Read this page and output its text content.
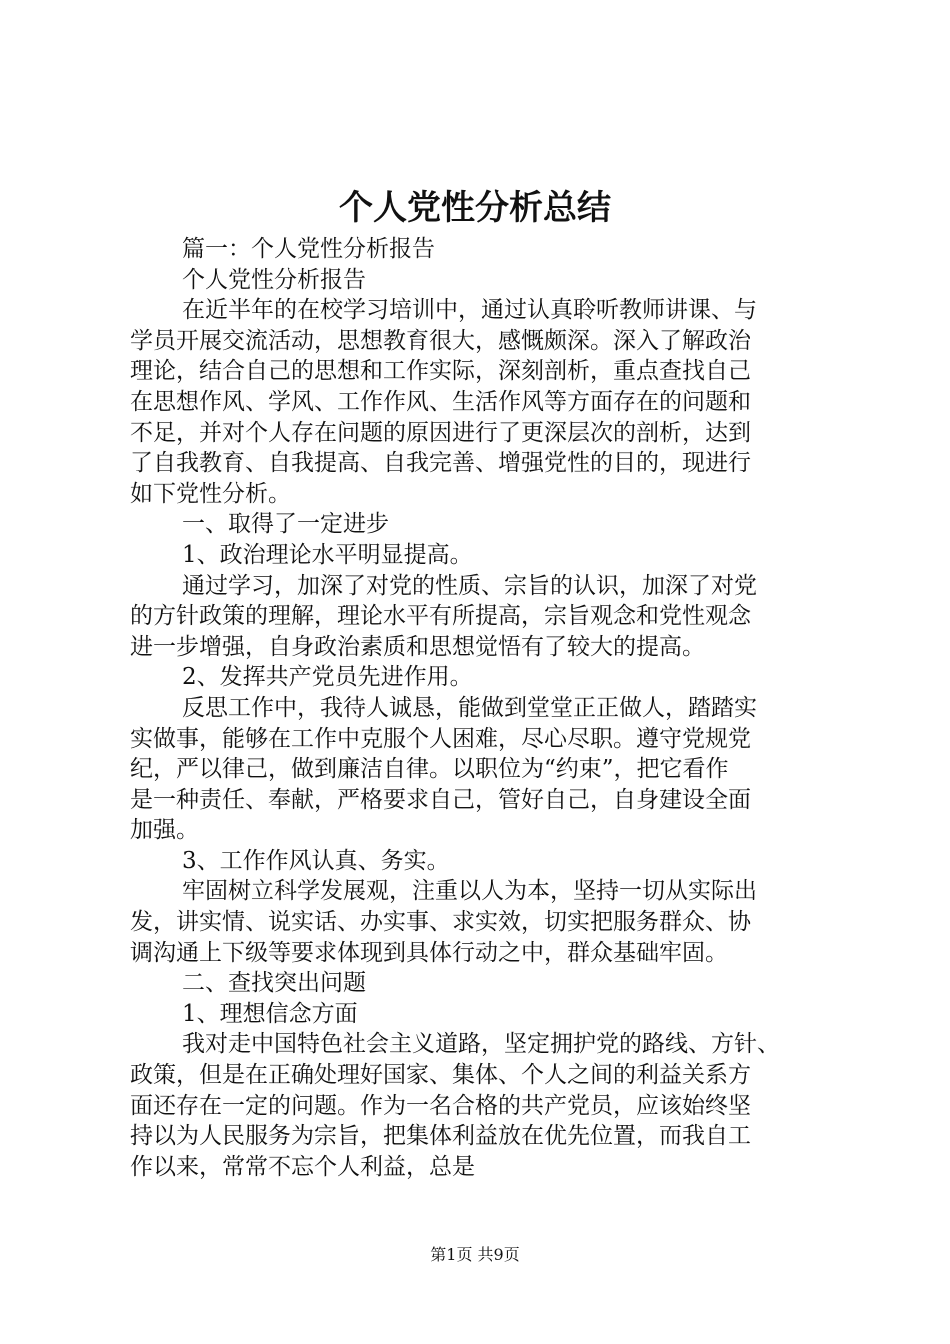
个人党性分析总结
篇一：个人党性分析报告
个人党性分析报告
在近半年的在校学习培训中，通过认真聆听教师讲课、与
学员开展交流活动，思想教育很大，感慨颇深。深入了解政治
理论，结合自己的思想和工作实际，深刻剖析，重点查找自己
在思想作风、学风、工作作风、生活作风等方面存在的问题和
不足，并对个人存在问题的原因进行了更深层次的剖析，达到
了自我教育、自我提高、自我完善、增强党性的目的，现进行
如下党性分析。
一、取得了一定进步
1、政治理论水平明显提高。
通过学习，加深了对党的性质、宗旨的认识，加深了对党
的方针政策的理解，理论水平有所提高，宗旨观念和党性观念
进一步增强，自身政治素质和思想觉悟有了较大的提高。
2、发挥共产党员先进作用。
反思工作中，我待人诚恳，能做到堂堂正正做人，踏踏实
实做事，能够在工作中克服个人困难，尽心尽职。遵守党规党
纪，严以律己，做到廉洁自律。以职位为“约束”，把它看作
是一种责任、奉献，严格要求自己，管好自己，自身建设全面
加强。
3、工作作风认真、务实。
牢固树立科学发展观，注重以人为本，坚持一切从实际出
发，讲实情、说实话、办实事、求实效，切实把服务群众、协
调沟通上下级等要求体现到具体行动之中，群众基础牢固。
二、查找突出问题
1、理想信念方面
我对走中国特色社会主义道路，坚定拥护党的路线、方针、
政策，但是在正确处理好国家、集体、个人之间的利益关系方
面还存在一定的问题。作为一名合格的共产党员，应该始终坚
持以为人民服务为宗旨，把集体利益放在优先位置，而我自工
作以来，常常不忘个人利益，总是
第1页 共9页
